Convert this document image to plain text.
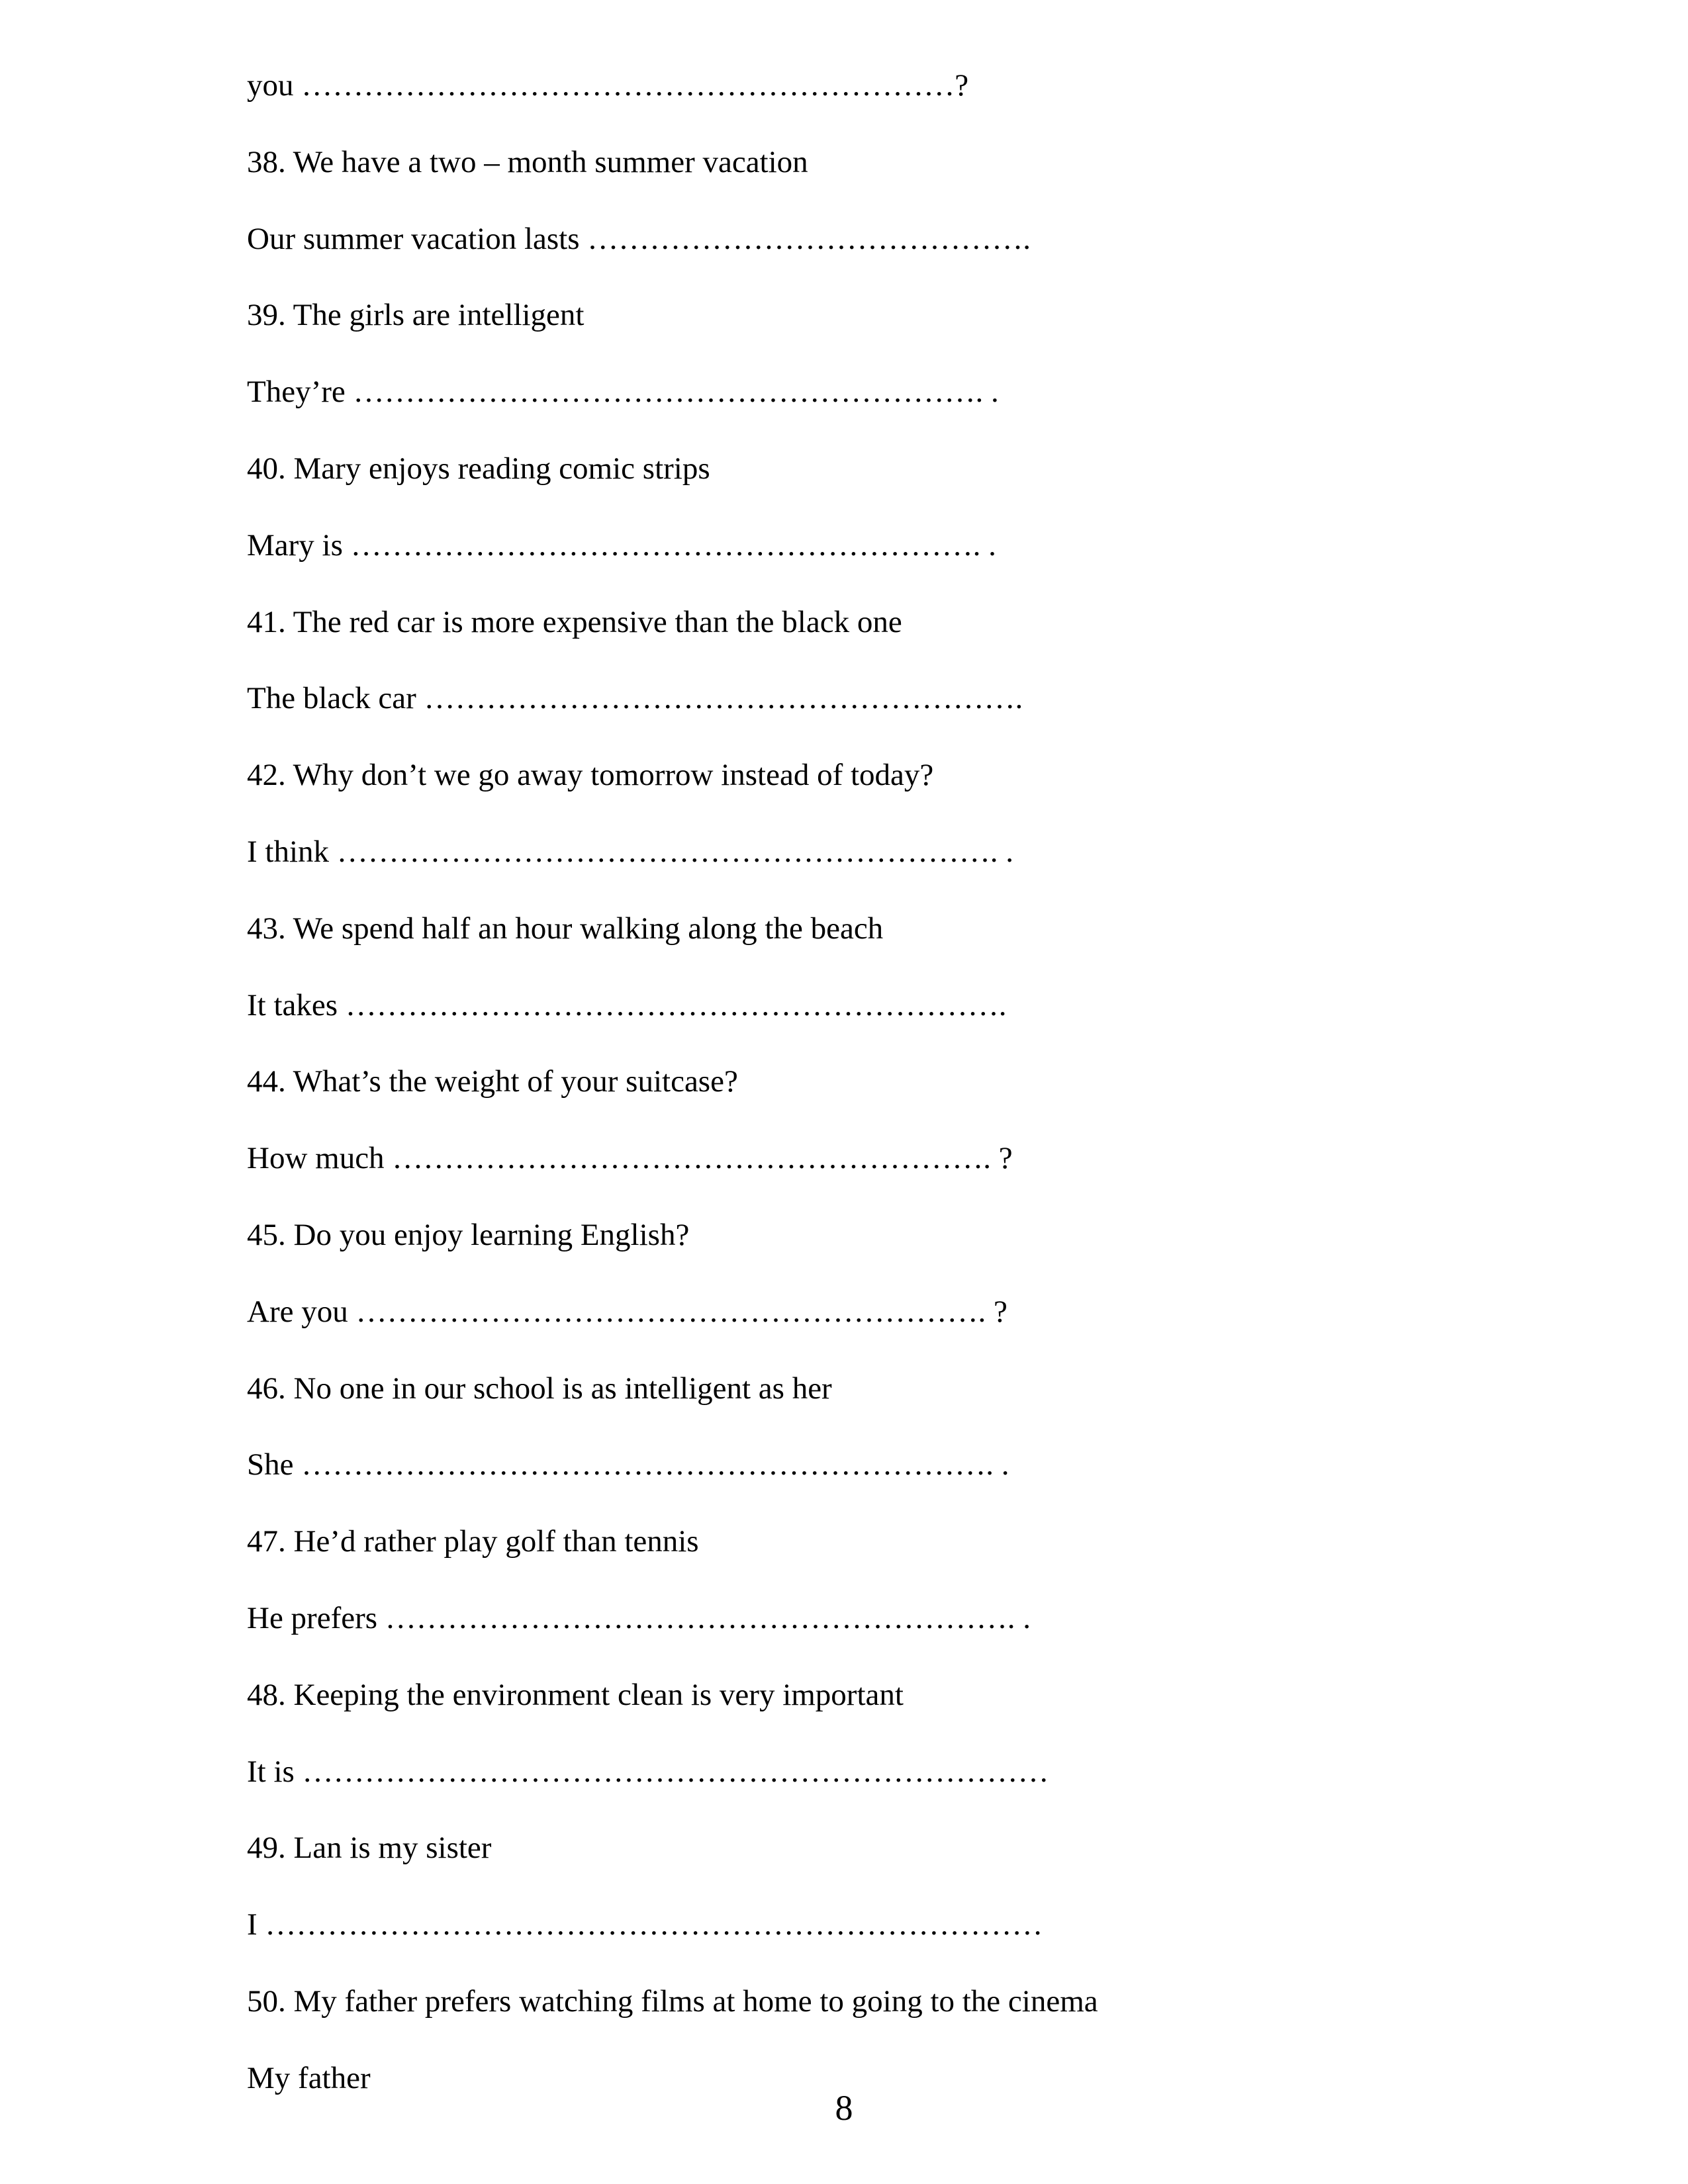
you ………………………………………………………?
38. We have a two – month summer vacation
Our summer vacation lasts …………………………………….
39. The girls are intelligent
They’re ……………………………………………………. .
40. Mary enjoys reading comic strips
Mary is ……………………………………………………. .
41. The red car is more expensive than the black one
The black car ………………………………………………….
42. Why don’t we go away tomorrow instead of today?
I think ………………………………………………………. .
43. We spend half an hour walking along the beach
It takes ……………………………………………………….
44. What’s the weight of your suitcase?
How much …………………………………………………. ?
45. Do you enjoy learning English?
Are you ……………………………………………………. ?
46. No one in our school is as intelligent as her
She …………………………………………………………. .
47. He’d rather play golf than tennis
He prefers ……………………………………………………. .
48. Keeping the environment clean is very important
It is ………………………………………………………………
49. Lan is my sister
I …………………………………………………………………
50. My father prefers watching films at home to going to the cinema
My father
8
